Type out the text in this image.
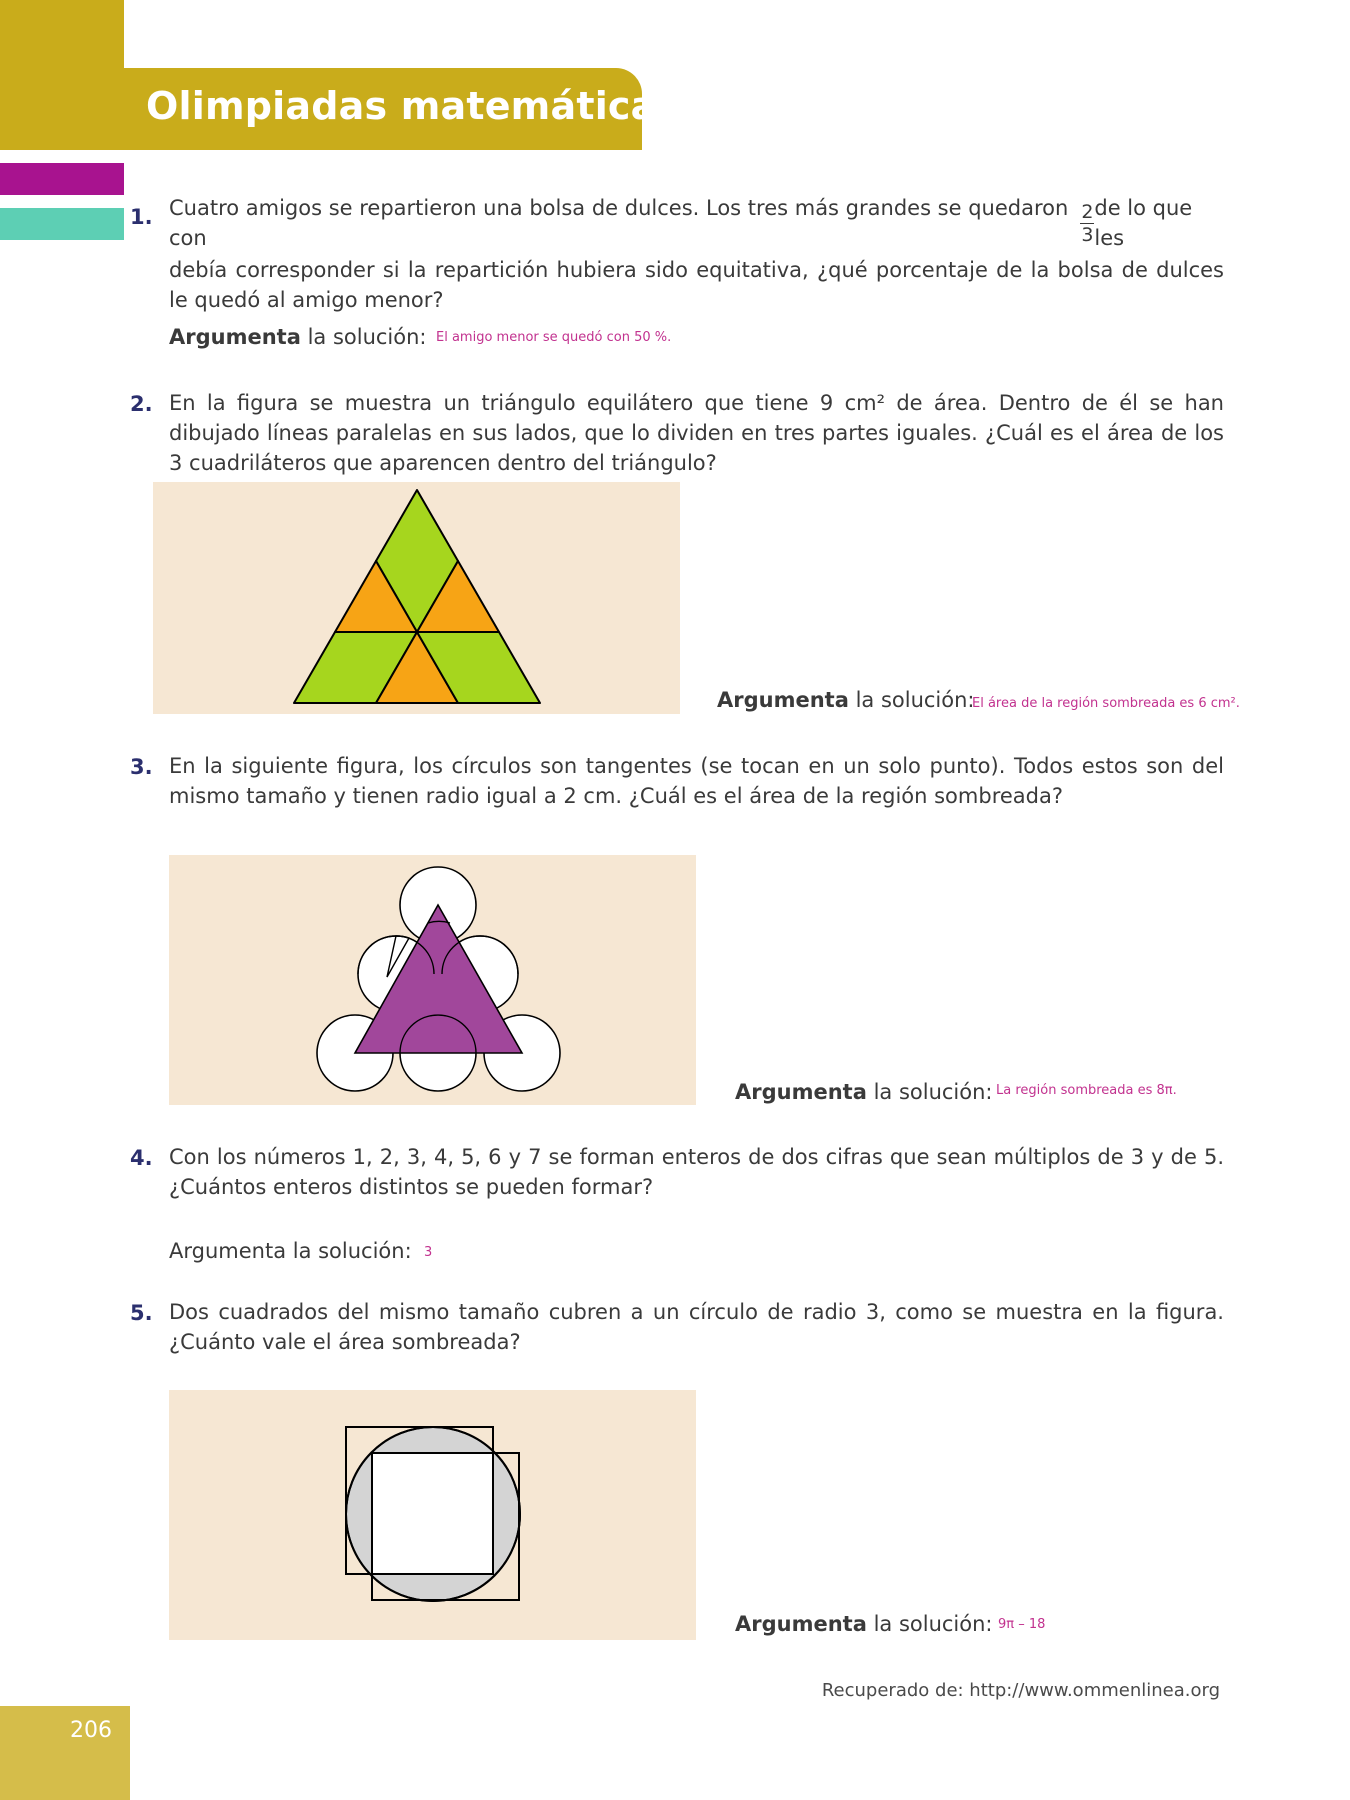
Olimpiadas matemáticas
1. Cuatro amigos se repartieron una bolsa de dulces. Los tres más grandes se quedaron con	$\frac{2}{3}$ de lo que les
debía corresponder si la repartición hubiera sido equitativa, ¿qué porcentaje de la bolsa de dulces le quedó al amigo menor?
Argumenta la solución: El amigo menor se quedó con 50 %.
2. En la figura se muestra un triángulo equilátero que tiene 9 cm² de área. Dentro de él se han dibujado líneas paralelas en sus lados, que lo dividen en tres partes iguales. ¿Cuál es el área de los 3 cuadriláteros que aparencen dentro del triángulo?
Argumenta la solución:
El área de la región sombreada es 6 cm².
3. En la siguiente figura, los círculos son tangentes (se tocan en un solo punto). Todos estos son del mismo tamaño y tienen radio igual a 2 cm. ¿Cuál es el área de la región sombreada?
Argumenta la solución: La región sombreada es 8π.
4. Con los números 1, 2, 3, 4, 5, 6 y 7 se forman enteros de dos cifras que sean múltiplos de 3 y de 5. ¿Cuántos enteros distintos se pueden formar?
Argumenta la solución: 3
5. Dos cuadrados del mismo tamaño cubren a un círculo de radio 3, como se muestra en la figura. ¿Cuánto vale el área sombreada?
Argumenta la solución: 9π – 18
Recuperado de: http://www.ommenlinea.org
206
